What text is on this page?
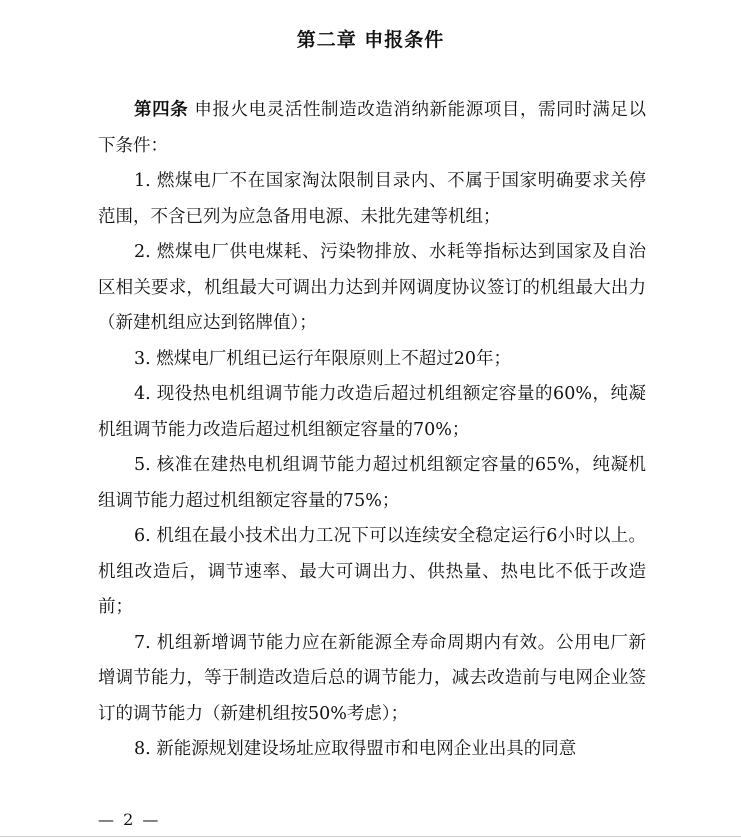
第二章 申报条件

第四条 申报火电灵活性制造改造消纳新能源项目，需同时满足以下条件：

1. 燃煤电厂不在国家淘汰限制目录内、不属于国家明确要求关停范围，不含已列为应急备用电源、未批先建等机组；

2. 燃煤电厂供电煤耗、污染物排放、水耗等指标达到国家及自治区相关要求，机组最大可调出力达到并网调度协议签订的机组最大出力（新建机组应达到铭牌值）；

3. 燃煤电厂机组已运行年限原则上不超过20年；

4. 现役热电机组调节能力改造后超过机组额定容量的60%，纯凝机组调节能力改造后超过机组额定容量的70%；

5. 核准在建热电机组调节能力超过机组额定容量的65%，纯凝机组调节能力超过机组额定容量的75%；

6. 机组在最小技术出力工况下可以连续安全稳定运行6小时以上。机组改造后，调节速率、最大可调出力、供热量、热电比不低于改造前；

7. 机组新增调节能力应在新能源全寿命周期内有效。公用电厂新增调节能力，等于制造改造后总的调节能力，减去改造前与电网企业签订的调节能力（新建机组按50%考虑）；

8. 新能源规划建设场址应取得盟市和电网企业出具的同意

— 2 —
